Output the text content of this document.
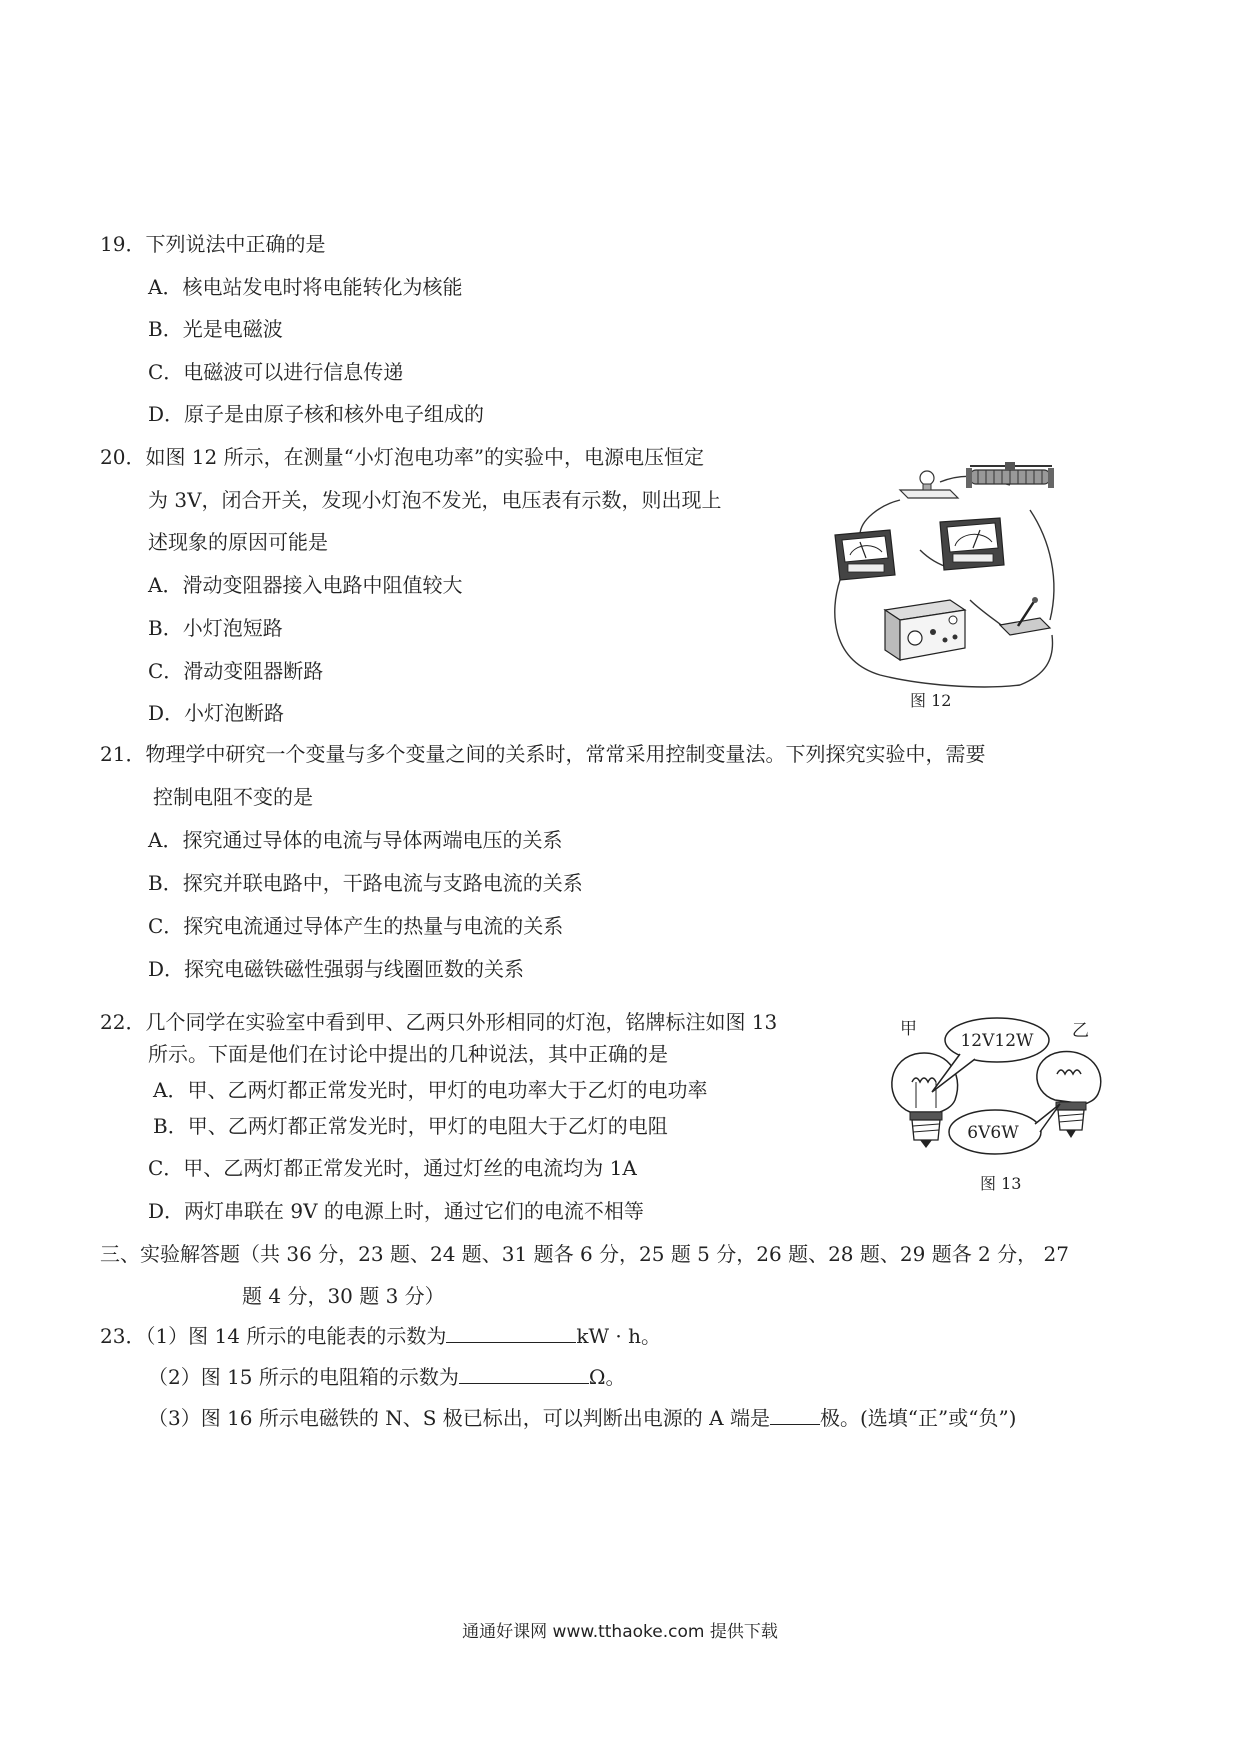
19．下列说法中正确的是
A．核电站发电时将电能转化为核能
B．光是电磁波
C．电磁波可以进行信息传递
D．原子是由原子核和核外电子组成的
20．如图 12 所示，在测量“小灯泡电功率”的实验中，电源电压恒定
为 3V，闭合开关，发现小灯泡不发光，电压表有示数，则出现上
述现象的原因可能是
A．滑动变阻器接入电路中阻值较大
B．小灯泡短路
C．滑动变阻器断路
D．小灯泡断路
图 12
21．物理学中研究一个变量与多个变量之间的关系时，常常采用控制变量法。下列探究实验中，需要
控制电阻不变的是
A．探究通过导体的电流与导体两端电压的关系
B．探究并联电路中，干路电流与支路电流的关系
C．探究电流通过导体产生的热量与电流的关系
D．探究电磁铁磁性强弱与线圈匝数的关系
22．几个同学在实验室中看到甲、乙两只外形相同的灯泡，铭牌标注如图 13
所示。下面是他们在讨论中提出的几种说法，其中正确的是
A．甲、乙两灯都正常发光时，甲灯的电功率大于乙灯的电功率
B．甲、乙两灯都正常发光时，甲灯的电阻大于乙灯的电阻
C．甲、乙两灯都正常发光时，通过灯丝的电流均为 1A
D．两灯串联在 9V 的电源上时，通过它们的电流不相等
12V12W
6V6W
甲	乙
图 13
三、实验解答题（共 36 分，23 题、24 题、31 题各 6 分，25 题 5 分，26 题、28 题、29 题各 2 分， 27
题 4 分，30 题 3 分）
23．（1）图 14 所示的电能表的示数为	kW · h。
（2）图 15 所示的电阻箱的示数为	Ω。
（3）图 16 所示电磁铁的 N、S 极已标出，可以判断出电源的 A 端是	极。(选填“正”或“负”)
通通好课网 www.tthaoke.com 提供下载
